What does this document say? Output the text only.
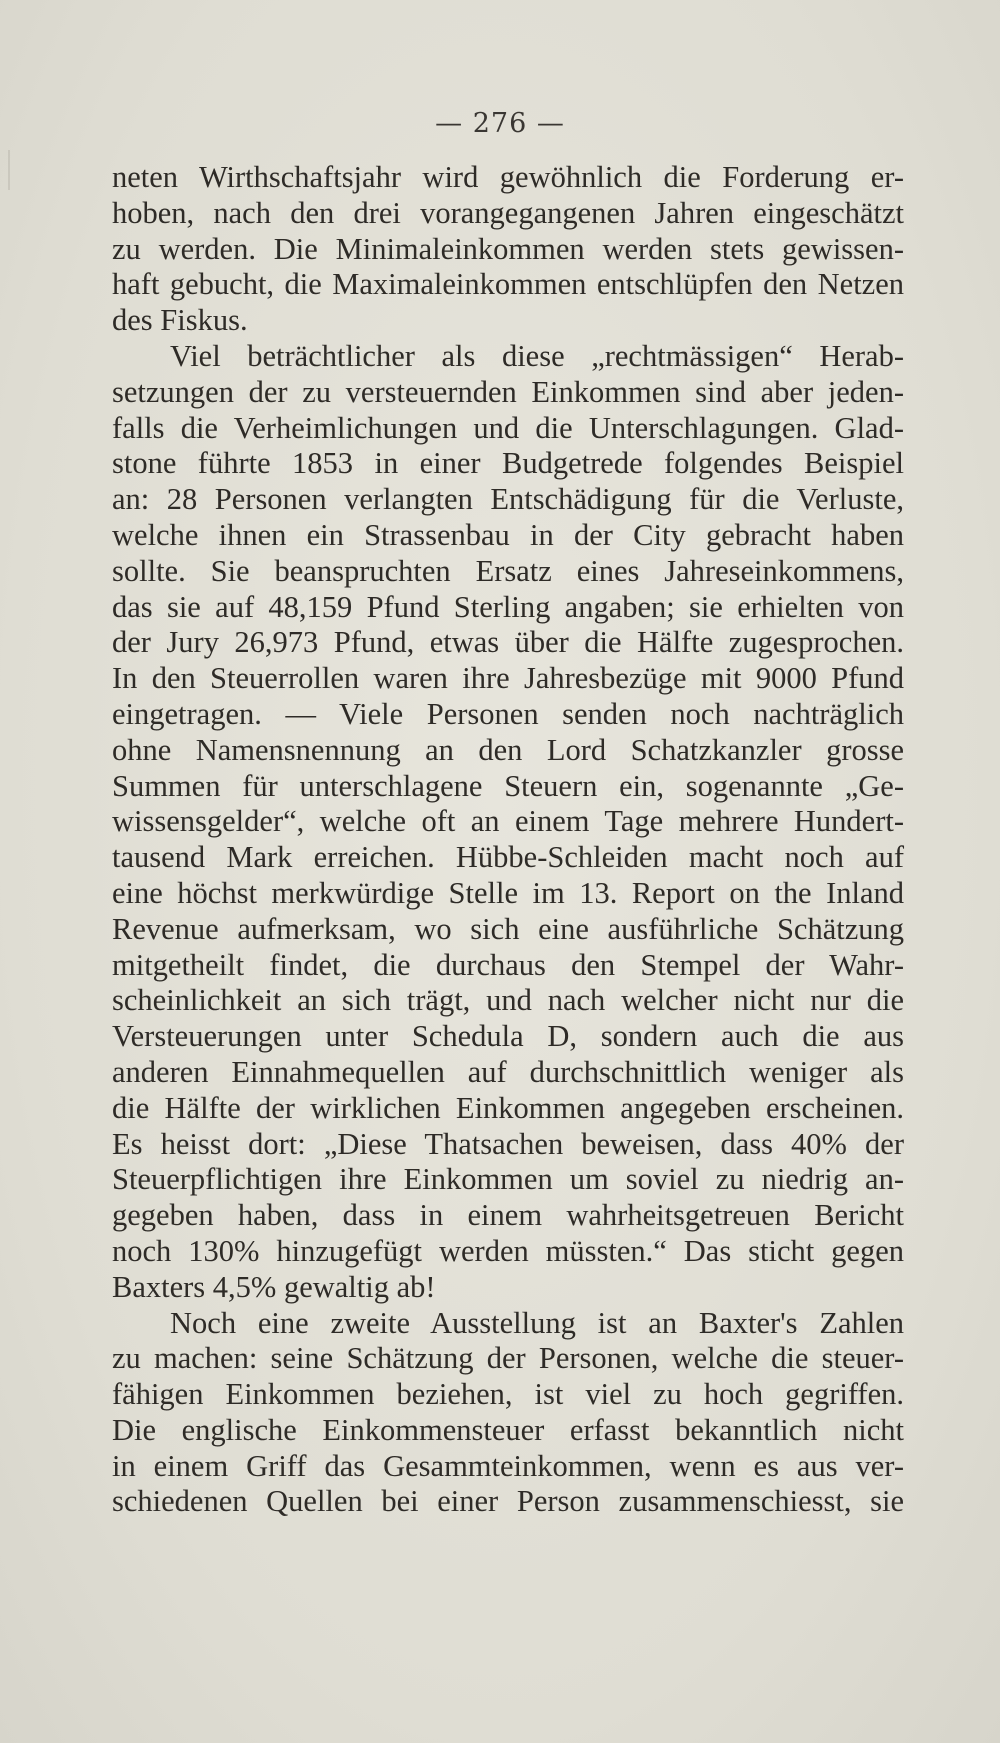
— 276 —
neten Wirthschaftsjahr wird gewöhnlich die Forderung er-
hoben, nach den drei vorangegangenen Jahren eingeschätzt
zu werden. Die Minimaleinkommen werden stets gewissen-
haft gebucht, die Maximaleinkommen entschlüpfen den Netzen
des Fiskus.
Viel beträchtlicher als diese „rechtmässigen“ Herab-
setzungen der zu versteuernden Einkommen sind aber jeden-
falls die Verheimlichungen und die Unterschlagungen. Glad-
stone führte 1853 in einer Budgetrede folgendes Beispiel
an: 28 Personen verlangten Entschädigung für die Verluste,
welche ihnen ein Strassenbau in der City gebracht haben
sollte. Sie beanspruchten Ersatz eines Jahreseinkommens,
das sie auf 48,159 Pfund Sterling angaben; sie erhielten von
der Jury 26,973 Pfund, etwas über die Hälfte zugesprochen.
In den Steuerrollen waren ihre Jahresbezüge mit 9000 Pfund
eingetragen. — Viele Personen senden noch nachträglich
ohne Namensnennung an den Lord Schatzkanzler grosse
Summen für unterschlagene Steuern ein, sogenannte „Ge-
wissensgelder“, welche oft an einem Tage mehrere Hundert-
tausend Mark erreichen. Hübbe-Schleiden macht noch auf
eine höchst merkwürdige Stelle im 13. Report on the Inland
Revenue aufmerksam, wo sich eine ausführliche Schätzung
mitgetheilt findet, die durchaus den Stempel der Wahr-
scheinlichkeit an sich trägt, und nach welcher nicht nur die
Versteuerungen unter Schedula D, sondern auch die aus
anderen Einnahmequellen auf durchschnittlich weniger als
die Hälfte der wirklichen Einkommen angegeben erscheinen.
Es heisst dort: „Diese Thatsachen beweisen, dass 40% der
Steuerpflichtigen ihre Einkommen um soviel zu niedrig an-
gegeben haben, dass in einem wahrheitsgetreuen Bericht
noch 130% hinzugefügt werden müssten.“ Das sticht gegen
Baxters 4,5% gewaltig ab!
Noch eine zweite Ausstellung ist an Baxter's Zahlen
zu machen: seine Schätzung der Personen, welche die steuer-
fähigen Einkommen beziehen, ist viel zu hoch gegriffen.
Die englische Einkommensteuer erfasst bekanntlich nicht
in einem Griff das Gesammteinkommen, wenn es aus ver-
schiedenen Quellen bei einer Person zusammenschiesst, sie
